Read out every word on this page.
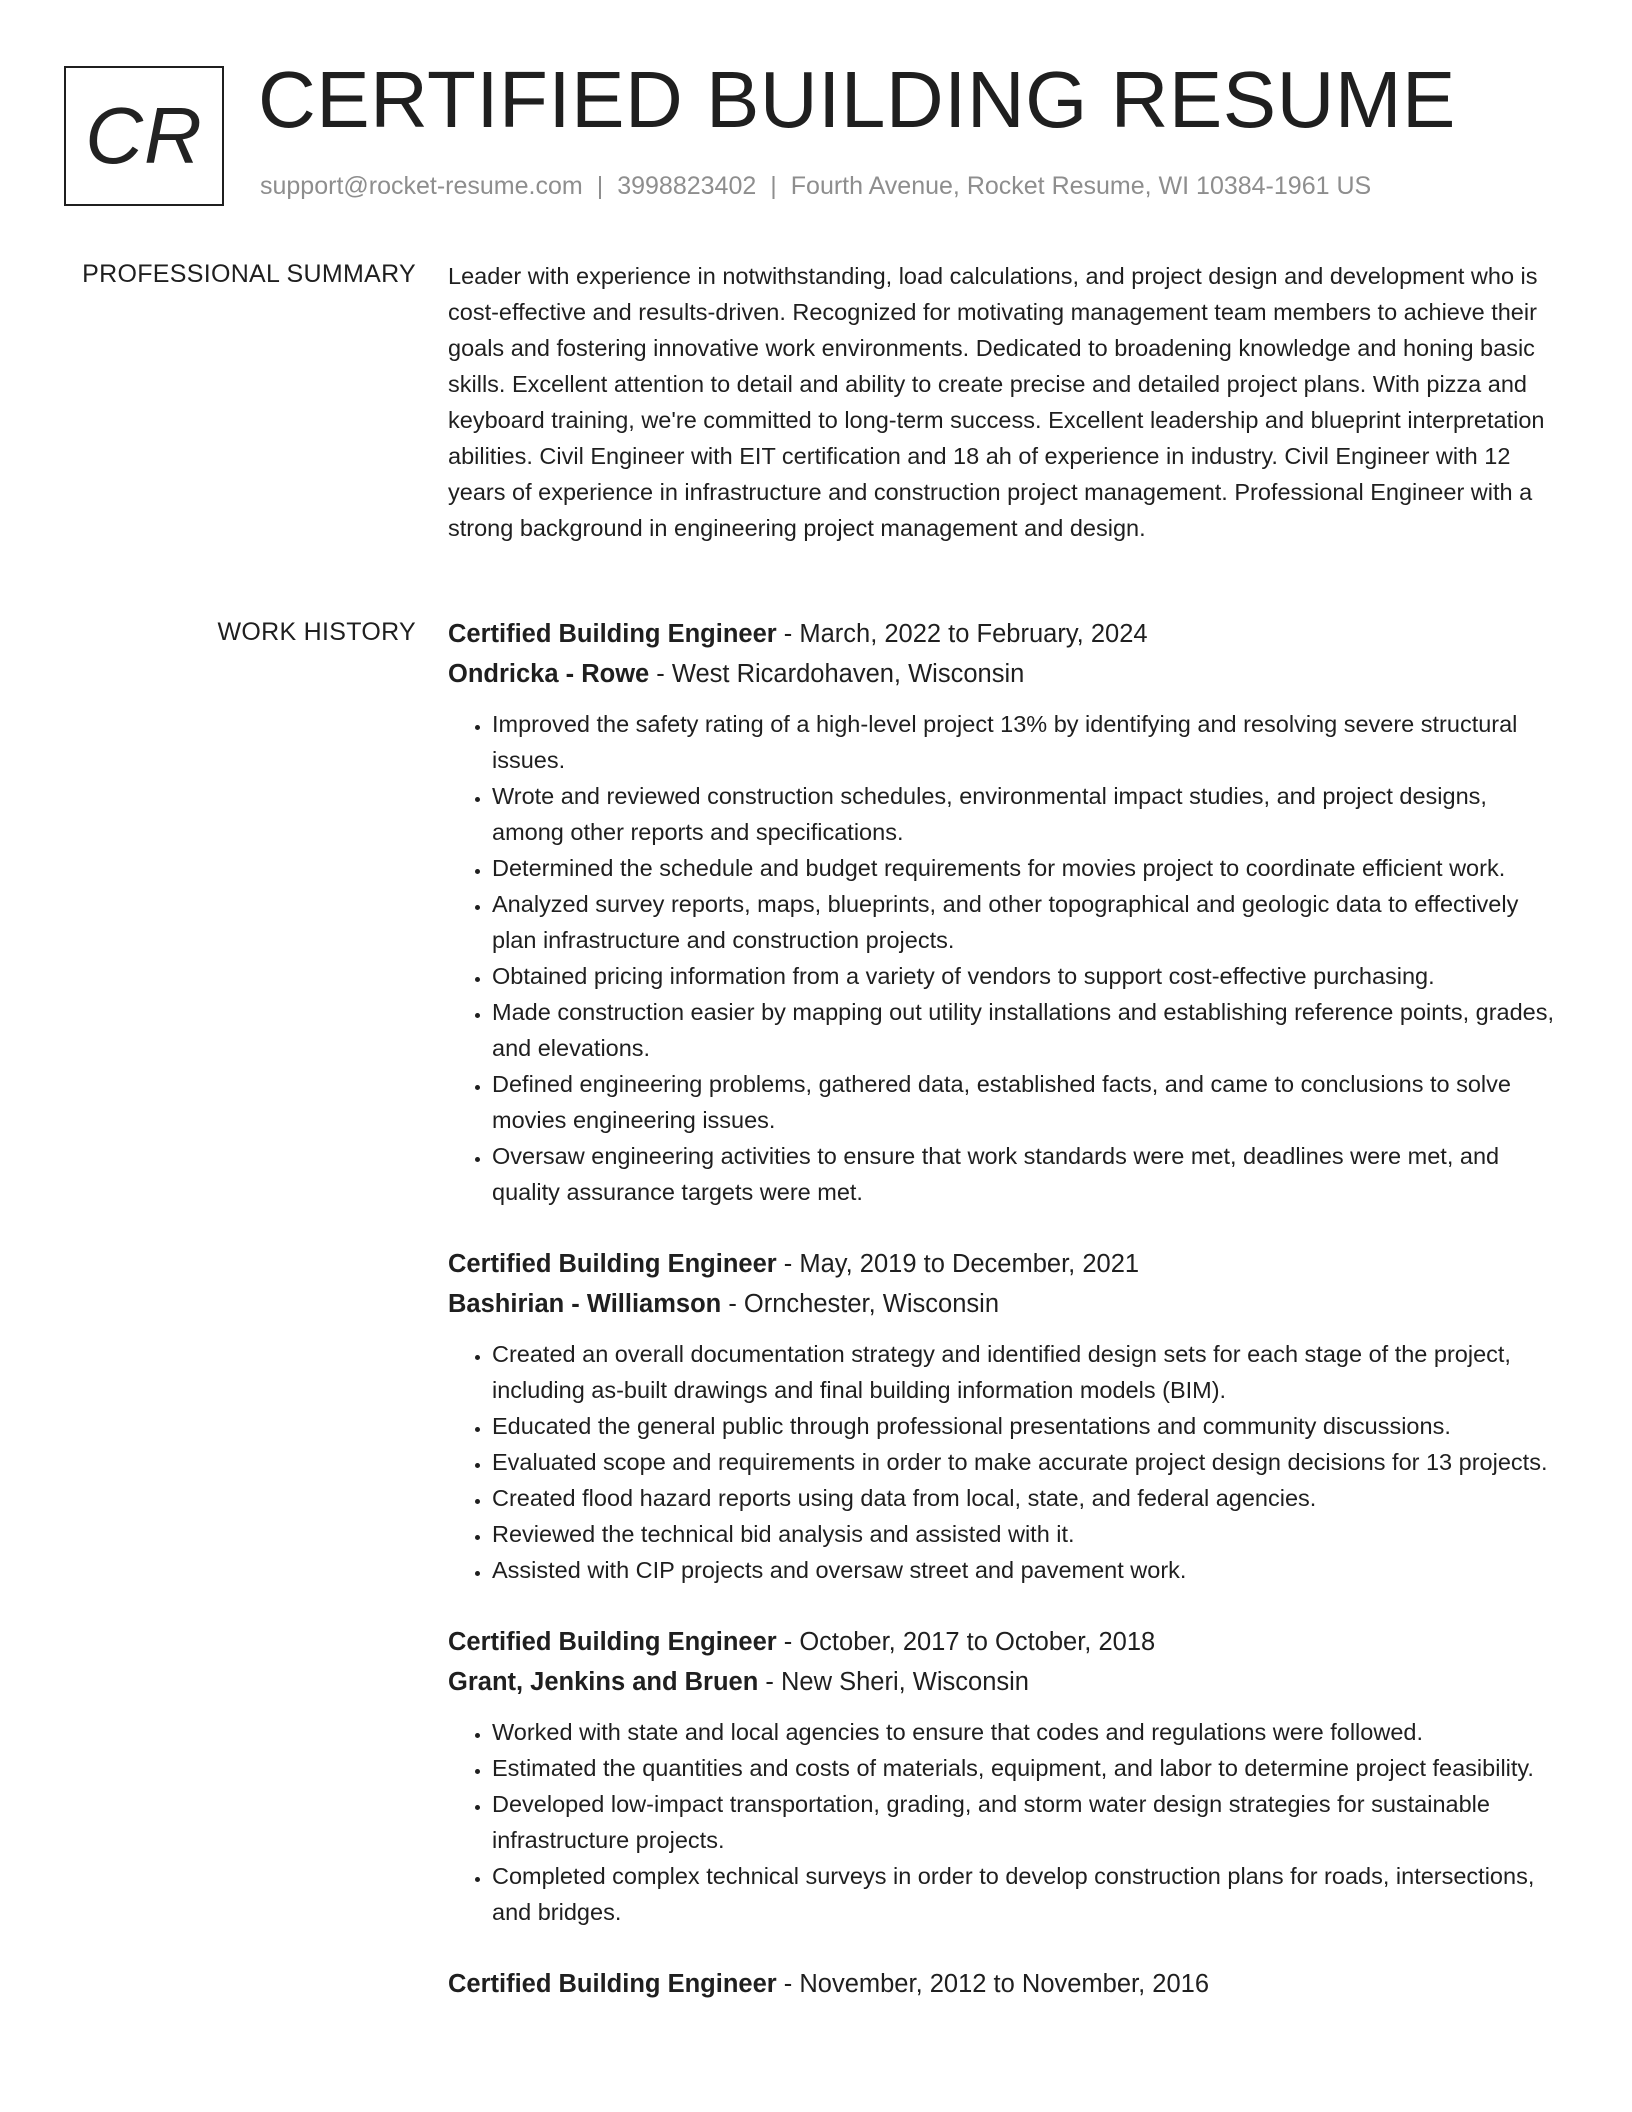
CR CERTIFIED BUILDING RESUME
support@rocket-resume.com | 3998823402 | Fourth Avenue, Rocket Resume, WI 10384-1961 US
PROFESSIONAL SUMMARY Leader with experience in notwithstanding, load calculations, and project design and development who is cost-effective and results-driven. Recognized for motivating management team members to achieve their goals and fostering innovative work environments. Dedicated to broadening knowledge and honing basic skills. Excellent attention to detail and ability to create precise and detailed project plans. With pizza and keyboard training, we're committed to long-term success. Excellent leadership and blueprint interpretation abilities. Civil Engineer with EIT certification and 18 ah of experience in industry. Civil Engineer with 12 years of experience in infrastructure and construction project management. Professional Engineer with a strong background in engineering project management and design.

WORK HISTORY Certified Building Engineer - March, 2022 to February, 2024
Ondricka - Rowe - West Ricardohaven, Wisconsin
• Improved the safety rating of a high-level project 13% by identifying and resolving severe structural issues.
• Wrote and reviewed construction schedules, environmental impact studies, and project designs, among other reports and specifications.
• Determined the schedule and budget requirements for movies project to coordinate efficient work.
• Analyzed survey reports, maps, blueprints, and other topographical and geologic data to effectively plan infrastructure and construction projects.
• Obtained pricing information from a variety of vendors to support cost-effective purchasing.
• Made construction easier by mapping out utility installations and establishing reference points, grades, and elevations.
• Defined engineering problems, gathered data, established facts, and came to conclusions to solve movies engineering issues.
• Oversaw engineering activities to ensure that work standards were met, deadlines were met, and quality assurance targets were met.
Certified Building Engineer - May, 2019 to December, 2021
Bashirian - Williamson - Ornchester, Wisconsin
• Created an overall documentation strategy and identified design sets for each stage of the project, including as-built drawings and final building information models (BIM).
• Educated the general public through professional presentations and community discussions.
• Evaluated scope and requirements in order to make accurate project design decisions for 13 projects.
• Created flood hazard reports using data from local, state, and federal agencies.
• Reviewed the technical bid analysis and assisted with it.
• Assisted with CIP projects and oversaw street and pavement work.
Certified Building Engineer - October, 2017 to October, 2018
Grant, Jenkins and Bruen - New Sheri, Wisconsin
• Worked with state and local agencies to ensure that codes and regulations were followed.
• Estimated the quantities and costs of materials, equipment, and labor to determine project feasibility.
• Developed low-impact transportation, grading, and storm water design strategies for sustainable infrastructure projects.
• Completed complex technical surveys in order to develop construction plans for roads, intersections, and bridges.
Certified Building Engineer - November, 2012 to November, 2016
